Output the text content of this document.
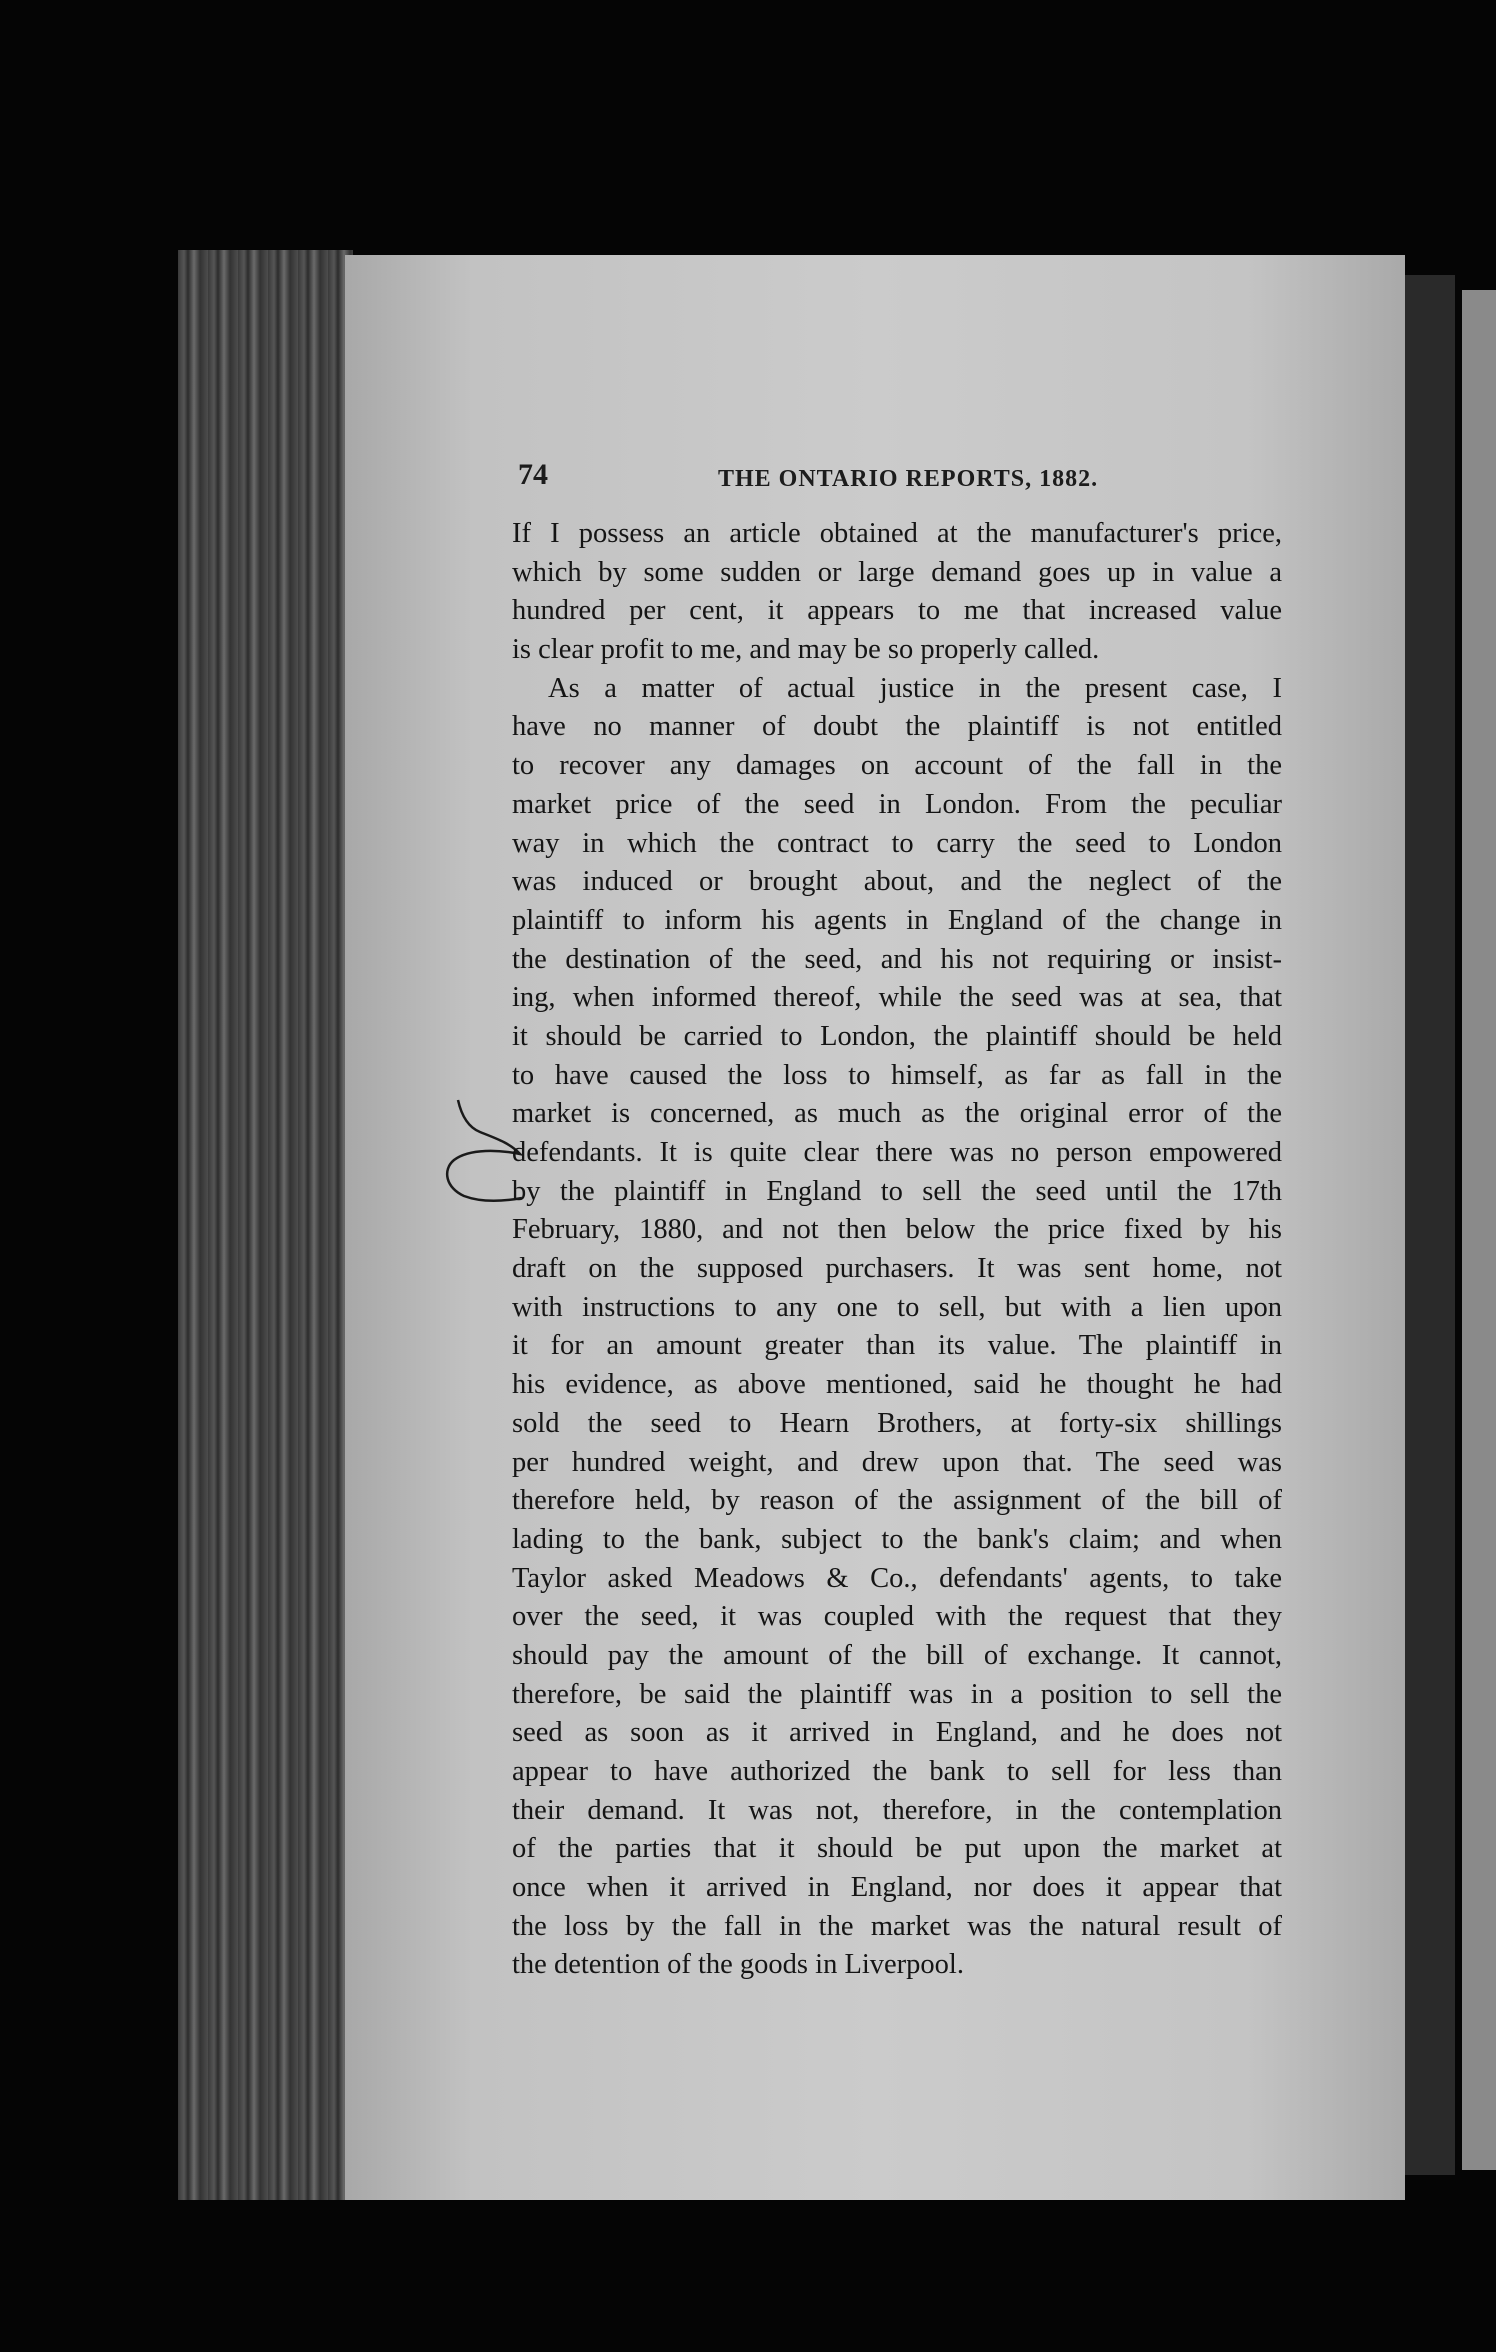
74	THE ONTARIO REPORTS, 1882.
If I possess an article obtained at the manufacturer's price,
which by some sudden or large demand goes up in value a
hundred per cent, it appears to me that increased value
is clear profit to me, and may be so properly called.
As a matter of actual justice in the present case, I
have no manner of doubt the plaintiff is not entitled
to recover any damages on account of the fall in the
market price of the seed in London. From the peculiar
way in which the contract to carry the seed to London
was induced or brought about, and the neglect of the
plaintiff to inform his agents in England of the change in
the destination of the seed, and his not requiring or insist-
ing, when informed thereof, while the seed was at sea, that
it should be carried to London, the plaintiff should be held
to have caused the loss to himself, as far as fall in the
market is concerned, as much as the original error of the
defendants. It is quite clear there was no person empowered
by the plaintiff in England to sell the seed until the 17th
February, 1880, and not then below the price fixed by his
draft on the supposed purchasers. It was sent home, not
with instructions to any one to sell, but with a lien upon
it for an amount greater than its value. The plaintiff in
his evidence, as above mentioned, said he thought he had
sold the seed to Hearn Brothers, at forty-six shillings
per hundred weight, and drew upon that. The seed was
therefore held, by reason of the assignment of the bill of
lading to the bank, subject to the bank's claim; and when
Taylor asked Meadows & Co., defendants' agents, to take
over the seed, it was coupled with the request that they
should pay the amount of the bill of exchange. It cannot,
therefore, be said the plaintiff was in a position to sell the
seed as soon as it arrived in England, and he does not
appear to have authorized the bank to sell for less than
their demand. It was not, therefore, in the contemplation
of the parties that it should be put upon the market at
once when it arrived in England, nor does it appear that
the loss by the fall in the market was the natural result of
the detention of the goods in Liverpool.
